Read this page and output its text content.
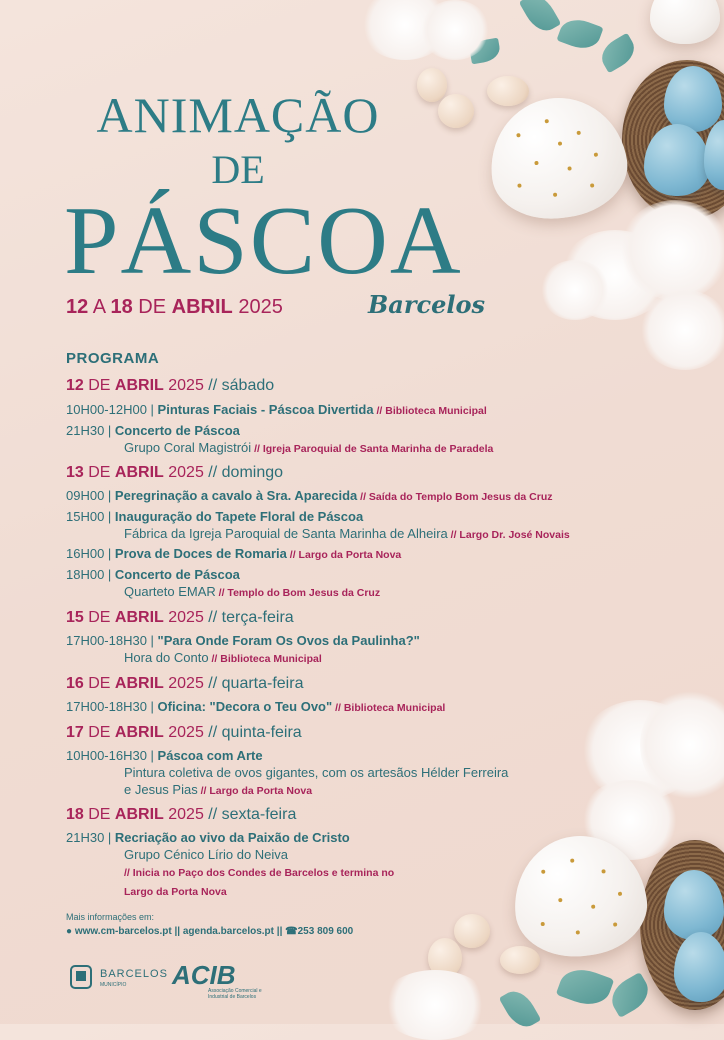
ANIMAÇÃO
DE
PÁSCOA
12 A 18 DE ABRIL 2025	Barcelos
PROGRAMA
12 DE ABRIL 2025 // sábado
10H00-12H00 | Pinturas Faciais - Páscoa Divertida // Biblioteca Municipal
21H30 | Concerto de Páscoa
Grupo Coral Magistrói // Igreja Paroquial de Santa Marinha de Paradela
13 DE ABRIL 2025 // domingo
09H00 | Peregrinação a cavalo à Sra. Aparecida // Saída do Templo Bom Jesus da Cruz
15H00 | Inauguração do Tapete Floral de Páscoa
Fábrica da Igreja Paroquial de Santa Marinha de Alheira // Largo Dr. José Novais
16H00 | Prova de Doces de Romaria // Largo da Porta Nova
18H00 | Concerto de Páscoa
Quarteto EMAR // Templo do Bom Jesus da Cruz
15 DE ABRIL 2025 // terça-feira
17H00-18H30 | "Para Onde Foram Os Ovos da Paulinha?"
Hora do Conto // Biblioteca Municipal
16 DE ABRIL 2025 // quarta-feira
17H00-18H30 | Oficina: "Decora o Teu Ovo" // Biblioteca Municipal
17 DE ABRIL 2025 // quinta-feira
10H00-16H30 | Páscoa com Arte
Pintura coletiva de ovos gigantes, com os artesãos Hélder Ferreira
e Jesus Pias // Largo da Porta Nova
18 DE ABRIL 2025 // sexta-feira
21H30 | Recriação ao vivo da Paixão de Cristo
Grupo Cénico Lírio do Neiva
// Inicia no Paço dos Condes de Barcelos e termina no
Largo da Porta Nova
Mais informações em:
● www.cm-barcelos.pt || agenda.barcelos.pt || ☎253 809 600
BARCELOS
MUNICÍPIO ACIB
Associação Comercial e
Industrial de Barcelos
